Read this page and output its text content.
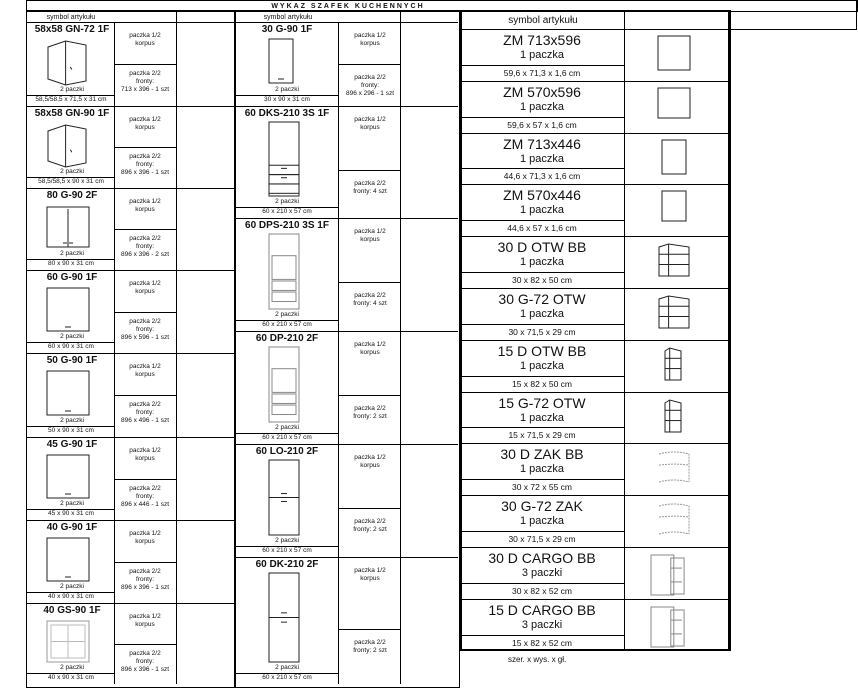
WYKAZ SZAFEK KUCHENNYCH
symbol artykułu	symbol artykułu	symbol artykułu
szer. x wys. x gł.
58x58 GN-72 1F
2 paczki
58,5/58,5 x 71,5 x 31 cm
paczka 1/2
korpus
paczka 2/2
fronty:
713 x 396 - 1 szt
58x58 GN-90 1F
2 paczki
58,5/58,5 x 90 x 31 cm
paczka 1/2
korpus
paczka 2/2
fronty:
896 x 396 - 1 szt
80 G-90 2F
2 paczki
80 x 90 x 31 cm
paczka 1/2
korpus
paczka 2/2
fronty:
896 x 396 - 2 szt
60 G-90 1F
2 paczki
60 x 90 x 31 cm
paczka 1/2
korpus
paczka 2/2
fronty:
896 x 596 - 1 szt
50 G-90 1F
2 paczki
50 x 90 x 31 cm
paczka 1/2
korpus
paczka 2/2
fronty:
896 x 496 - 1 szt
45 G-90 1F
2 paczki
45 x 90 x 31 cm
paczka 1/2
korpus
paczka 2/2
fronty:
896 x 446 - 1 szt
40 G-90 1F
2 paczki
40 x 90 x 31 cm
paczka 1/2
korpus
paczka 2/2
fronty:
896 x 396 - 1 szt
40 GS-90 1F
2 paczki
40 x 90 x 31 cm
paczka 1/2
korpus
paczka 2/2
fronty:
896 x 396 - 1 szt
30 G-90 1F
2 paczki
30 x 90 x 31 cm
paczka 1/2
korpus
paczka 2/2
fronty:
896 x 296 - 1 szt
60 DKS-210 3S 1F
2 paczki
60 x 210 x 57 cm
paczka 1/2
korpus
paczka 2/2
fronty: 4 szt
60 DPS-210 3S 1F
2 paczki
60 x 210 x 57 cm
paczka 1/2
korpus
paczka 2/2
fronty: 4 szt
60 DP-210 2F
2 paczki
60 x 210 x 57 cm
paczka 1/2
korpus
paczka 2/2
fronty: 2 szt
60 LO-210 2F
2 paczki
60 x 210 x 57 cm
paczka 1/2
korpus
paczka 2/2
fronty: 2 szt
60 DK-210 2F
2 paczki
60 x 210 x 57 cm
paczka 1/2
korpus
paczka 2/2
fronty: 2 szt
ZM 713x596
1 paczka
59,6 x 71,3 x 1,6 cm
ZM 570x596
1 paczka
59,6 x 57 x 1,6 cm
ZM 713x446
1 paczka
44,6 x 71,3 x 1,6 cm
ZM 570x446
1 paczka
44,6 x 57 x 1,6 cm
30 D OTW BB
1 paczka
30 x 82 x 50 cm
30 G-72 OTW
1 paczka
30 x 71,5 x 29 cm
15 D OTW BB
1 paczka
15 x 82 x 50 cm
15 G-72 OTW
1 paczka
15 x 71,5 x 29 cm
30 D ZAK BB
1 paczka
30 x 72 x 55 cm
30 G-72 ZAK
1 paczka
30 x 71,5 x 29 cm
30 D CARGO BB
3 paczki
30 x 82 x 52 cm
15 D CARGO BB
3 paczki
15 x 82 x 52 cm
